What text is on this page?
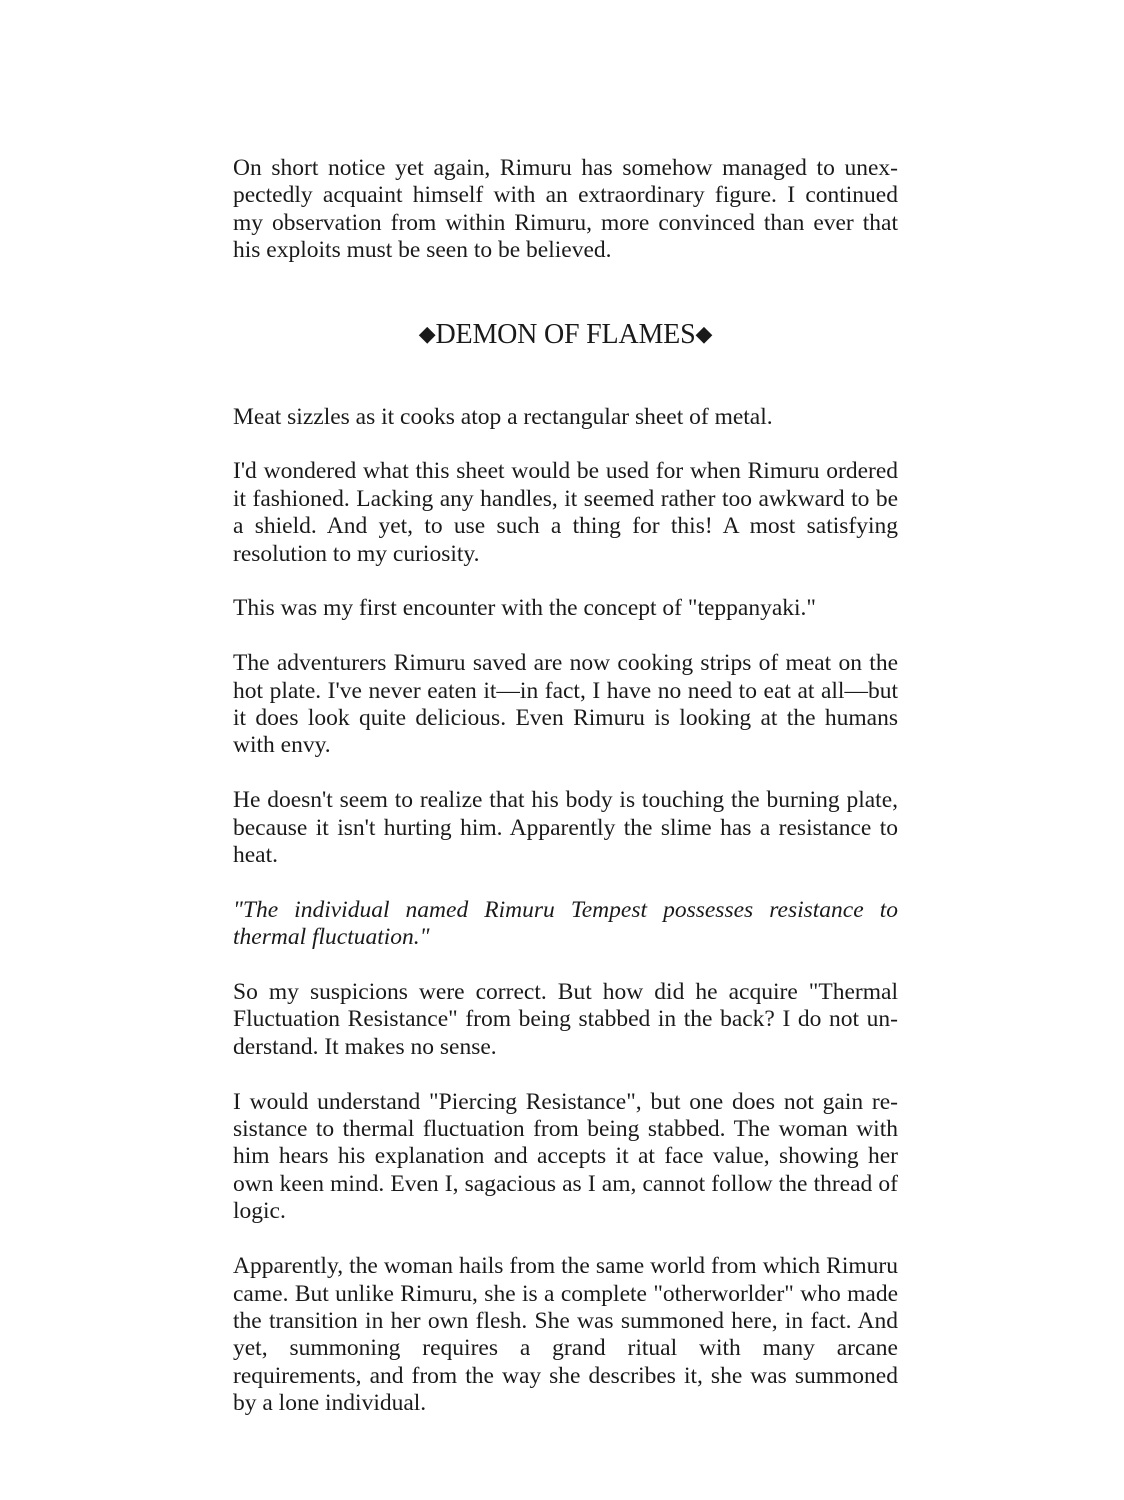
On short notice yet again, Rimuru has somehow managed to unexpectedly acquaint himself with an extraordinary figure. I continued my observation from within Rimuru, more convinced than ever that his exploits must be seen to be believed.

◆DEMON OF FLAMES◆

Meat sizzles as it cooks atop a rectangular sheet of metal.

I'd wondered what this sheet would be used for when Rimuru ordered it fashioned. Lacking any handles, it seemed rather too awkward to be a shield. And yet, to use such a thing for this! A most satisfying resolution to my curiosity.

This was my first encounter with the concept of "teppanyaki."

The adventurers Rimuru saved are now cooking strips of meat on the hot plate. I've never eaten it—in fact, I have no need to eat at all—but it does look quite delicious. Even Rimuru is looking at the humans with envy.

He doesn't seem to realize that his body is touching the burning plate, because it isn't hurting him. Apparently the slime has a resistance to heat.

"The individual named Rimuru Tempest possesses resistance to thermal fluctuation."

So my suspicions were correct. But how did he acquire "Thermal Fluctuation Resistance" from being stabbed in the back? I do not understand. It makes no sense.

I would understand "Piercing Resistance", but one does not gain resistance to thermal fluctuation from being stabbed. The woman with him hears his explanation and accepts it at face value, showing her own keen mind. Even I, sagacious as I am, cannot follow the thread of logic.

Apparently, the woman hails from the same world from which Rimuru came. But unlike Rimuru, she is a complete "otherworlder" who made the transition in her own flesh. She was summoned here, in fact. And yet, summoning requires a grand ritual with many arcane requirements, and from the way she describes it, she was summoned by a lone individual.
